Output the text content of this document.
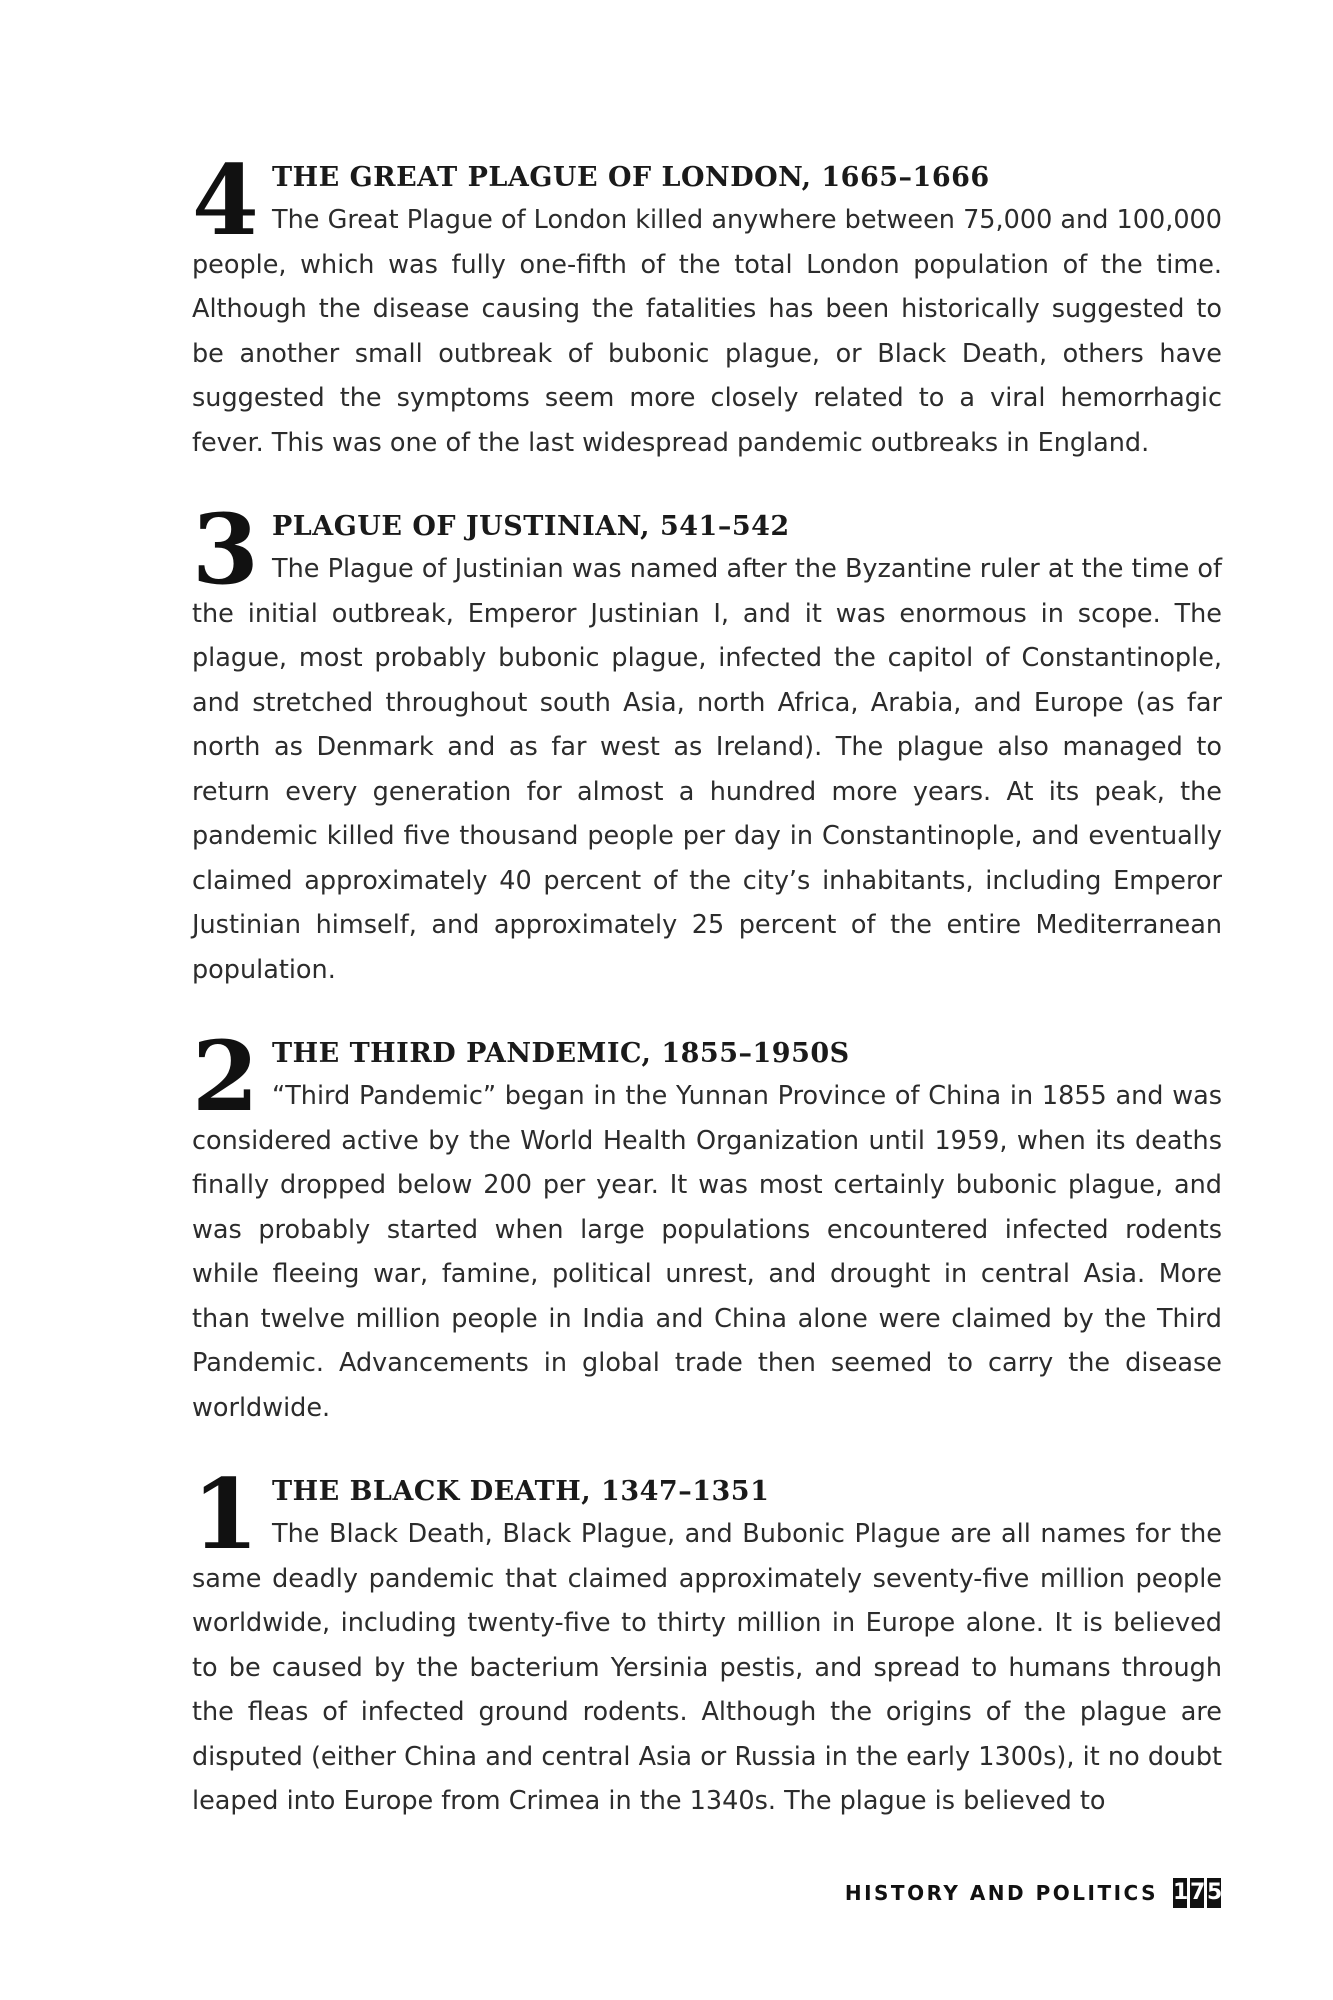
4 THE GREAT PLAGUE OF LONDON, 1665–1666

The Great Plague of London killed anywhere between 75,000 and 100,000 people, which was fully one-fifth of the total London population of the time. Although the disease causing the fatalities has been historically suggested to be another small outbreak of bubonic plague, or Black Death, others have suggested the symptoms seem more closely related to a viral hemorrhagic fever. This was one of the last widespread pandemic outbreaks in England.

3 PLAGUE OF JUSTINIAN, 541–542

The Plague of Justinian was named after the Byzantine ruler at the time of the initial outbreak, Emperor Justinian I, and it was enormous in scope. The plague, most probably bubonic plague, infected the capitol of Constantinople, and stretched throughout south Asia, north Africa, Arabia, and Europe (as far north as Denmark and as far west as Ireland). The plague also managed to return every generation for almost a hundred more years. At its peak, the pandemic killed five thousand people per day in Constantinople, and eventually claimed approximately 40 percent of the city’s inhabitants, including Emperor Justinian himself, and approximately 25 percent of the entire Mediterranean population.

2 THE THIRD PANDEMIC, 1855–1950S

“Third Pandemic” began in the Yunnan Province of China in 1855 and was considered active by the World Health Organization until 1959, when its deaths finally dropped below 200 per year. It was most certainly bubonic plague, and was probably started when large populations encountered infected rodents while fleeing war, famine, political unrest, and drought in central Asia. More than twelve million people in India and China alone were claimed by the Third Pandemic. Advancements in global trade then seemed to carry the disease worldwide.

1 THE BLACK DEATH, 1347–1351

The Black Death, Black Plague, and Bubonic Plague are all names for the same deadly pandemic that claimed approximately seventy-five million people worldwide, including twenty-five to thirty million in Europe alone. It is believed to be caused by the bacterium Yersinia pestis, and spread to humans through the fleas of infected ground rodents. Although the origins of the plague are disputed (either China and central Asia or Russia in the early 1300s), it no doubt leaped into Europe from Crimea in the 1340s. The plague is believed to

HISTORY AND POLITICS 1 7 5
